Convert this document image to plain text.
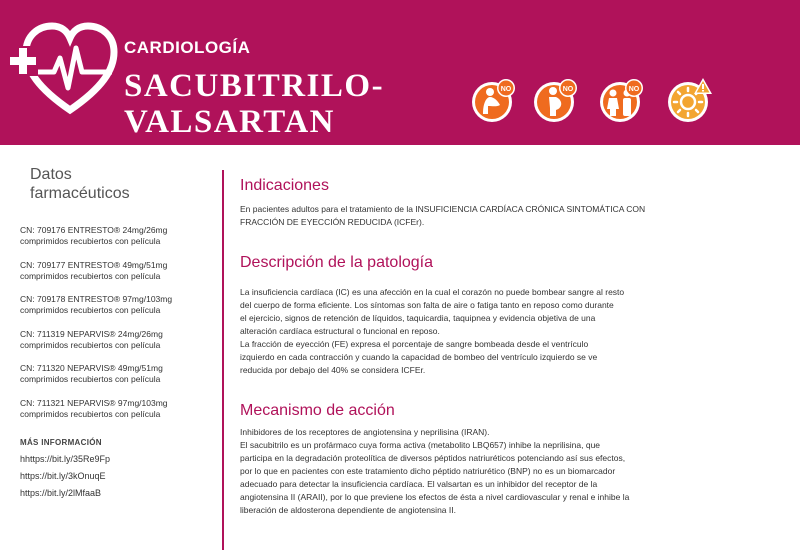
CARDIOLOGÍA
SACUBITRILO-
VALSARTAN
NO	NO	NO
Datos
farmacéuticos
CN: 709176 ENTRESTO® 24mg/26mg
comprimidos recubiertos con película
CN: 709177 ENTRESTO® 49mg/51mg
comprimidos recubiertos con película
CN: 709178 ENTRESTO® 97mg/103mg
comprimidos recubiertos con película
CN: 711319 NEPARVIS® 24mg/26mg
comprimidos recubiertos con película
CN: 711320 NEPARVIS® 49mg/51mg
comprimidos recubiertos con película
CN: 711321 NEPARVIS® 97mg/103mg
comprimidos recubiertos con película
MÁS INFORMACIÓN
hhttps://bit.ly/35Re9Fp
https://bit.ly/3kOnuqE
https://bit.ly/2lMfaaB
Indicaciones
En pacientes adultos para el tratamiento de la INSUFICIENCIA CARDÍACA CRÓNICA SINTOMÁTICA CON
FRACCIÓN DE EYECCIÓN REDUCIDA (ICFEr).
Descripción de la patología
La insuficiencia cardíaca (IC) es una afección en la cual el corazón no puede bombear sangre al resto
del cuerpo de forma eficiente. Los síntomas son falta de aire o fatiga tanto en reposo como durante
el ejercicio, signos de retención de líquidos, taquicardia, taquipnea y evidencia objetiva de una
alteración cardíaca estructural o funcional en reposo.
La fracción de eyección (FE) expresa el porcentaje de sangre bombeada desde el ventrículo
izquierdo en cada contracción y cuando la capacidad de bombeo del ventrículo izquierdo se ve
reducida por debajo del 40% se considera ICFEr.
Mecanismo de acción
Inhibidores de los receptores de angiotensina y neprilisina (IRAN).
El sacubitrilo es un profármaco cuya forma activa (metabolito LBQ657) inhibe la neprilisina, que
participa en la degradación proteolítica de diversos péptidos natriuréticos potenciando así sus efectos,
por lo que en pacientes con este tratamiento dicho péptido natriurético (BNP) no es un biomarcador
adecuado para detectar la insuficiencia cardíaca. El valsartan es un inhibidor del receptor de la
angiotensina II (ARAII), por lo que previene los efectos de ésta a nivel cardiovascular y renal e inhibe la
liberación de aldosterona dependiente de angiotensina II.
